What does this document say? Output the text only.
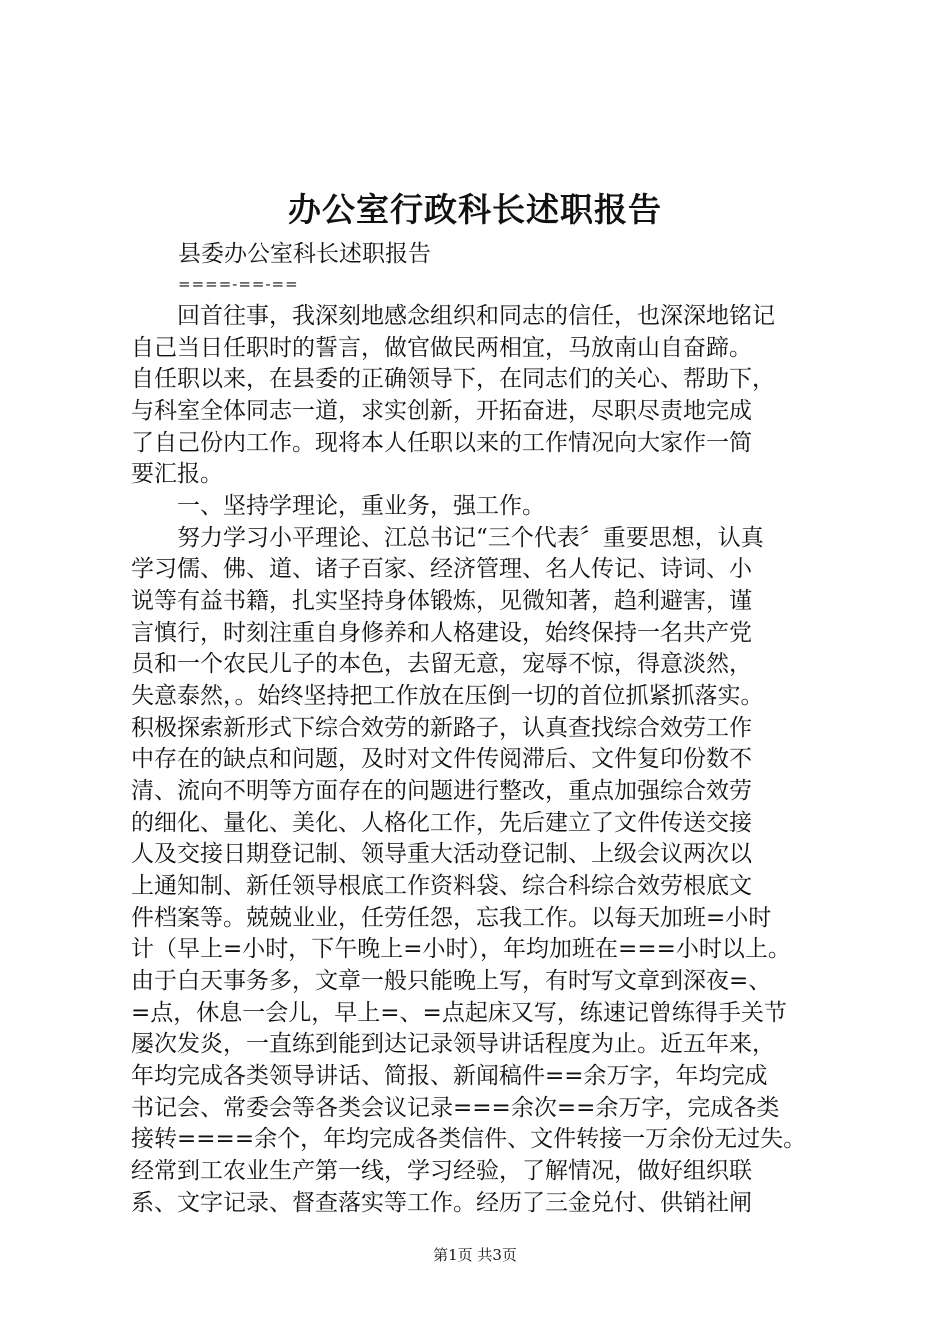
办公室行政科长述职报告
县委办公室科长述职报告
====-==-==
　　回首往事，我深刻地感念组织和同志的信任，也深深地铭记
自己当日任职时的誓言，做官做民两相宜，马放南山自奋蹄。
自任职以来，在县委的正确领导下，在同志们的关心、帮助下，
与科室全体同志一道，求实创新，开拓奋进，尽职尽责地完成
了自己份内工作。现将本人任职以来的工作情况向大家作一简
要汇报。
　　一、坚持学理论，重业务，强工作。
　　努力学习小平理论、江总书记“三个代表〞重要思想，认真
学习儒、佛、道、诸子百家、经济管理、名人传记、诗词、小
说等有益书籍，扎实坚持身体锻炼，见微知著，趋利避害，谨
言慎行，时刻注重自身修养和人格建设，始终保持一名共产党
员和一个农民儿子的本色，去留无意，宠辱不惊，得意淡然，
失意泰然，。始终坚持把工作放在压倒一切的首位抓紧抓落实。
积极探索新形式下综合效劳的新路子，认真查找综合效劳工作
中存在的缺点和问题，及时对文件传阅滞后、文件复印份数不
清、流向不明等方面存在的问题进行整改，重点加强综合效劳
的细化、量化、美化、人格化工作，先后建立了文件传送交接
人及交接日期登记制、领导重大活动登记制、上级会议两次以
上通知制、新任领导根底工作资料袋、综合科综合效劳根底文
件档案等。兢兢业业，任劳任怨，忘我工作。以每天加班=小时
计（早上=小时，下午晚上=小时），年均加班在===小时以上。
由于白天事务多，文章一般只能晚上写，有时写文章到深夜=、
=点，休息一会儿，早上=、=点起床又写，练速记曾练得手关节
屡次发炎，一直练到能到达记录领导讲话程度为止。近五年来，
年均完成各类领导讲话、简报、新闻稿件==余万字，年均完成
书记会、常委会等各类会议记录===余次==余万字，完成各类
接转====余个，年均完成各类信件、文件转接一万余份无过失。
经常到工农业生产第一线，学习经验，了解情况，做好组织联
系、文字记录、督查落实等工作。经历了三金兑付、供销社闸
第1页 共3页
